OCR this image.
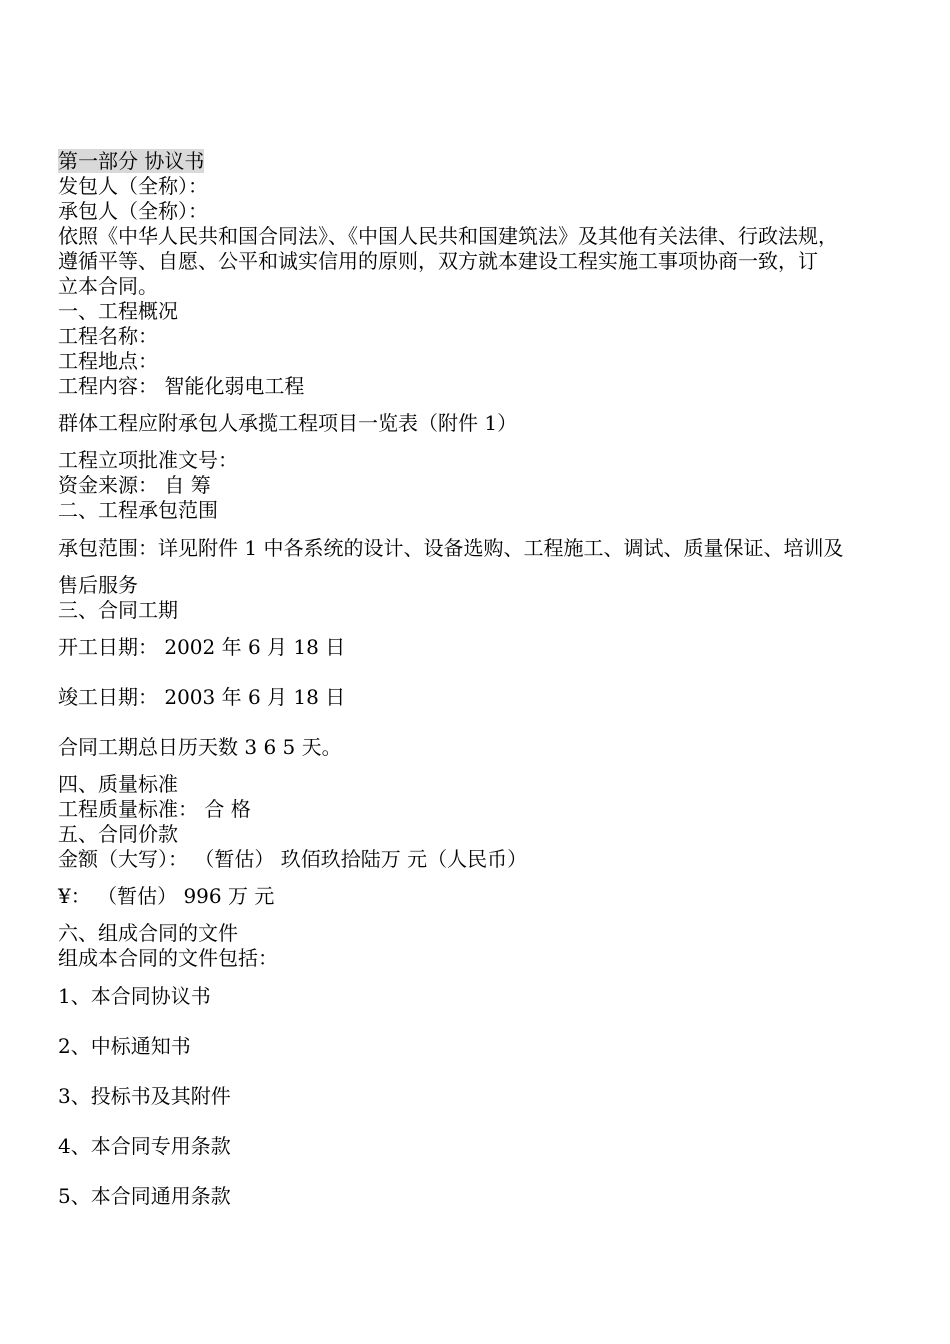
第一部分 协议书
发包人（全称）：
承包人（全称）：
依照《中华人民共和国合同法》、《中国人民共和国建筑法》及其他有关法律、行政法规，
遵循平等、自愿、公平和诚实信用的原则，双方就本建设工程实施工事项协商一致，订
立本合同。
一、工程概况
工程名称：
工程地点：
工程内容： 智能化弱电工程
群体工程应附承包人承揽工程项目一览表（附件 1）
工程立项批准文号：
资金来源： 自 筹
二、工程承包范围
承包范围：详见附件 1 中各系统的设计、设备选购、工程施工、调试、质量保证、培训及
售后服务
三、合同工期
开工日期： 2002 年 6 月 18 日
竣工日期： 2003 年 6 月 18 日
合同工期总日历天数 3 6 5 天。
四、质量标准
工程质量标准： 合 格
五、合同价款
金额（大写）： （暂估） 玖佰玖拾陆万 元（人民币）
¥： （暂估） 996 万 元
六、组成合同的文件
组成本合同的文件包括：
1、本合同协议书
2、中标通知书
3、投标书及其附件
4、本合同专用条款
5、本合同通用条款
